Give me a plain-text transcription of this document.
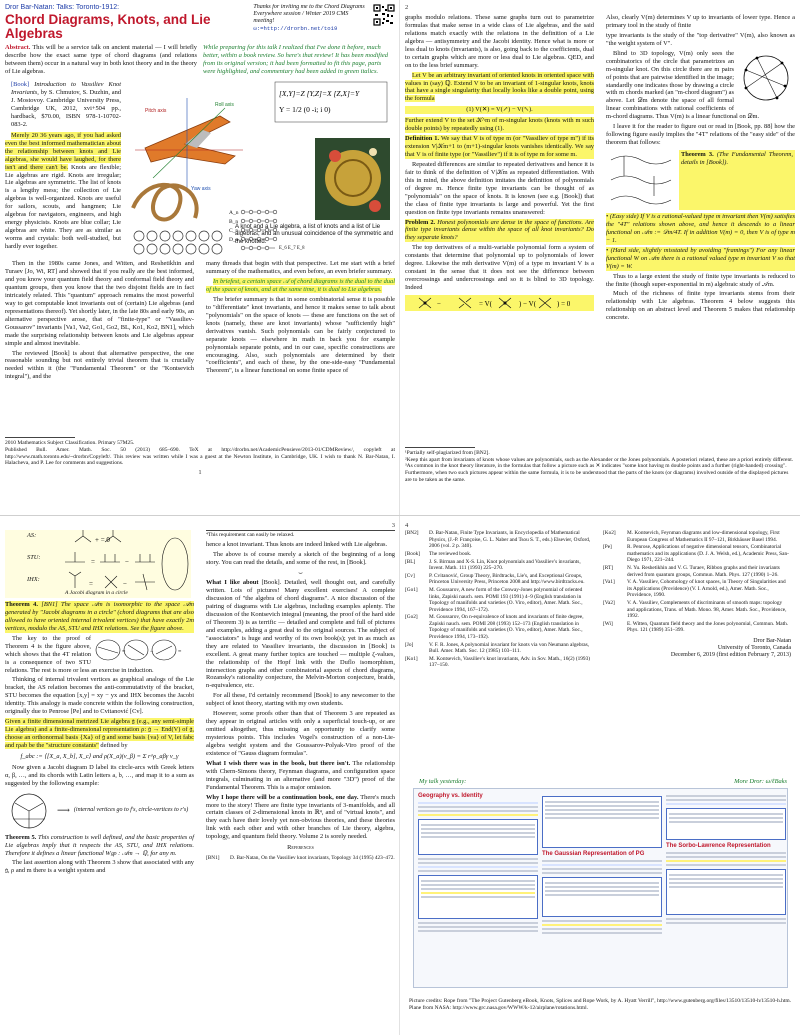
Dror Bar-Natan: Talks: Toronto-1912:
Chord Diagrams, Knots, and Lie Algebras
Thanks for inviting me to the Chord Diagrams Everywhere session / Winter 2019 CMS meeting!
ω:=http://drorbn.net/to19
Abstract. This will be a service talk on ancient material — I will briefly describe how the exact same type of chord diagrams (and relations between them) occur in a natural way in both knot theory and in the theory of Lie algebras.
While preparing for this talk I realized that I've done it before, much better, within a book review. So here's that review! It has been modified from its original version; it had been formatted to fit this page, parts were highlighted, and commentary had been added in green italics.

[Book] Introduction to Vassiliev Knot Invariants, by S. Chmutov, S. Duzhin, and J. Mostovoy. Cambridge University Press, Cambridge UK, 2012, xvi+504 pp., hardback, $70.00, ISBN 978-1-10702-083-2.

Merely 20 36 years ago, if you had asked even the best informed mathematician about the relationship between knots and Lie algebras, she would have laughed, for there isn't and there can't be. Knots are flexible; Lie algebras are rigid. Knots are irregular; Lie algebras are symmetric. The list of knots is a lengthy mess; the collection of Lie algebras is well-organized. Knots are useful for sailors, scouts, and hangmen; Lie algebras for navigators, engineers, and high energy physicists. Knots are blue collar; Lie algebras are white. They are as similar as worms and crystals: both well-studied, but hardly ever together.

Pitch axis
Roll axis
Yaw axis
A_n
B_n
C_n
D_n
E_6 E_7 E_8
[X,Y]=Z [Y,Z]=X [Z,X]=Y
Y = 1/2 (0 -i; i 0)
A knot and a Lie algebra, a list of knots and a list of Lie algebras, and an unusual coincidence of the symmetric and the knotted.

Then in the 1980s came Jones, and Witten, and Reshetikhin and Turaev [Jo, Wi, RT] and showed that if you really are the best informed, and you know your quantum field theory and conformal field theory and quantum groups, then you know that the two disjoint fields are in fact intricately related. This "quantum" approach remains the most powerful way to get computable knot invariants out of (certain) Lie algebras (and representations thereof). Yet shortly later, in the late 80s and early 90s, an alternative perspective arose, that of "finite-type" or "Vassiliev-Goussarov" invariants [Va1, Va2, Go1, Go2, BL, Ko1, Ko2, BN1], which made the surprising relationship between knots and Lie algebras appear simple and almost inevitable.

The reviewed [Book] is about that alternative perspective, the one reasonable sounding but not entirely trivial theorem that is crucially needed within it (the "Fundamental Theorem" or the "Kontsevich integral"), and the

many threads that begin with that perspective. Let me start with a brief summary of the mathematics, and even before, an even briefer summary.

In briefest, a certain space 𝒜 of chord diagrams is the dual to the dual of the space of knots, and at the same time, it is dual to Lie algebras.

The briefer summary is that in some combinatorial sense it is possible to "differentiate" knot invariants, and hence it makes sense to talk about "polynomials" on the space of knots — these are functions on the set of knots (namely, these are knot invariants) whose "sufficiently high" derivatives vanish. Such polynomials can be fairly conjectured to separate knots — elsewhere in math in back you for example polynomials separate points, and in our case, specific constructions are encouraging. Also, such polynomials are determined by their "coefficients", and each of these, by the one-side-easy "Fundamental Theorem", is a linear functional on some finite space of

2010 Mathematics Subject Classification. Primary 57M25.
Published Bull. Amer. Math. Soc. 50 (2013) 685–690. TeX at http://drorbn.net/AcademicPensieve/2013-01/CDMReview/, copyleft at http://www.math.toronto.edu/~drorbn/Copyleft/. This review was written while I was a guest at the Newton Institute, in Cambridge, UK. I wish to thank N. Bar-Natan, I. Halacheva, and P. Lee for comments and suggestions.
1
2

graphs modulo relations. These same graphs turn out to parametrize formulas that make sense in a wide class of Lie algebras, and the said relations match exactly with the relations in the definition of a Lie algebra — antisymmetry and the Jacobi identity. Hence what is more or less dual to knots (invariants), is also, going back to the coefficients, dual to certain graphs which are more or less dual to Lie algebras. QED, and on to the less brief summary.

Let V be an arbitrary invariant of oriented knots in oriented space with values in (say) ℚ. Extend V to be an invariant of 1-singular knots, knots that have a single singularity that locally looks like a double point, using the formula

(1) V(✕) = V(↗) − V(↖).

Further extend V to the set 𝒦^m of m-singular knots (knots with m such double points) by repeatedly using (1).

Definition 1. We say that V is of type m (or "Vassiliev of type m") if its extension V|𝒦m+1 to (m+1)-singular knots vanishes identically. We say that V is of finite type (or "Vassiliev") if it is of type m for some m.

Repeated differences are similar to repeated derivatives and hence it is fair to think of the definition of V|𝒦m as repeated differentiation. With this in mind, the above definition imitates the definition of polynomials of degree m. Hence finite type invariants can be thought of as "polynomials" on the space of knots. It is known (see e.g. [Book]) that the class of finite type invariants is large and powerful. Yet the first question on finite type invariants remains unanswered:

Problem 2. Honest polynomials are dense in the space of functions. Are finite type invariants dense within the space of all knot invariants? Do they separate knots?

The top derivatives of a multi-variable polynomial form a system of constants that determine that polynomial up to polynomials of lower degree. Likewise the mth derivative V(m) of a type m invariant V is a constant in the sense that it does not see the difference between overcrossings and undercrossings and so it is blind to 3D topology. Indeed

−	= V(	) − V(	) = 0

Also, clearly V(m) determines V up to invariants of lower type. Hence a primary tool in the study of finite

type invariants is the study of the "top derivative" V(m), also known as "the weight system of V".

Blind to 3D topology, V(m) only sees the combinatorics of the circle that parametrizes an m-singular knot. On this circle there are m pairs of points that are pairwise identified in the image; standardly one indicates those by drawing a circle with m chords marked (an "m-chord diagram") as above. Let 𝒟m denote the space of all formal linear combinations with rational coefficients of m-chord diagrams. Thus V(m) is a linear functional on 𝒟m.

I leave it for the reader to figure out or read in [Book, pp. 88] how the following figure easily implies the "4T" relations of the "easy side" of the theorem that follows:

Theorem 3. (The Fundamental Theorem, details in [Book]).

• (Easy side) If V is a rational-valued type m invariant then V(m) satisfies the "4T" relations shown above, and hence it descends to a linear functional on 𝒜m := 𝒟m/4T. If in addition V(m) = 0, then V is of type m − 1.

• (Hard side, slightly misstated by avoiding "framings") For any linear functional W on 𝒜m there is a rational valued type m invariant V so that V(m) = W.

Thus to a large extent the study of finite type invariants is reduced to the finite (though super-exponential in m) algebraic study of 𝒜m.

Much of the richness of finite type invariants stems from their relationship with Lie algebras. Theorem 4 below suggests this relationship on an abstract level and Theorem 5 makes that relationship concrete.

¹Partially self-plagiarized from [BN2].
²Keep this apart from invariants of knots whose values are polynomials, such as the Alexander or the Jones polynomials. A posteriori related, these are a priori entirely different.
³As common in the knot theory literature, in the formulas that follow a picture such as ✕ indicates "some knot having m double points and a further (right-handed) crossing". Furthermore, when two such pictures appear within the same formula, it is to be understood that the parts of the knots (or diagrams) involved outside of the displayed pictures are to be taken as the same.
3
+ = 0
=	−
=	−
AS:
STU:
IHX:
A Jacobi diagram in a circle

Theorem 4. [BN1] The space 𝒜m is isomorphic to the space 𝒜m generated by "Jacobi diagrams in a circle" (chord diagrams that are also allowed to have oriented internal trivalent vertices) that have exactly 2m vertices, modulo the AS, STU and IHX relations. See the figure above.

=	−	=

The key to the proof of Theorem 4 is the figure above, which shows that the 4T relation is a consequence of two STU relations. The rest is more or less an exercise in induction.

Thinking of internal trivalent vertices as graphical analogs of the Lie bracket, the AS relation becomes the anti-commutativity of the bracket, STU becomes the equation [x,y] = xy − yx and IHX becomes the Jacobi identity. This analogy is made concrete within the following construction, originally due to Penrose [Pe] and to Cvitanović [Cv].

Given a finite dimensional metrized Lie algebra 𝔤 (e.g., any semi-simple Lie algebra) and a finite-dimensional representation ρ: 𝔤 → End(V) of 𝔤, choose an orthonormal basis {Xa} of 𝔤 and some basis {va} of V, let fabc and rρab be the "structure constants" defined by

f_abc := ⟨[X_a, X_b], X_c⟩ and ρ(X_a)(v_β) = Σ r^ρ_aβγ v_γ

Now given a Jacobi diagram D label its circle-arcs with Greek letters α, β, …, and its chords with Latin letters a, b, …, and map it to a sum as suggested by the following example:

⟶ (internal vertices go to f's, circle-vertices to r's)

Theorem 5. This construction is well defined, and the basic properties of Lie algebras imply that it respects the AS, STU, and IHX relations. Therefore it defines a linear functional W𝔤ρ : 𝒜m → ℚ, for any m.

The last assertion along with Theorem 3 show that associated with any 𝔤, ρ and m there is a weight system and

⁴This requirement can easily be relaxed.

hence a knot invariant. Thus knots are indeed linked with Lie algebras.

The above is of course merely a sketch of the beginning of a long story. You can read the details, and some of the rest, in [Book].

⌣

What I like about [Book]. Detailed, well thought out, and carefully written. Lots of pictures! Many excellent exercises! A complete discussion of "the algebra of chord diagrams". A nice discussion of the pairing of diagrams with Lie algebras, including examples aplenty. The discussion of the Kontsevich integral (meaning, the proof of the hard side of Theorem 3) is as terrific — detailed and complete and full of pictures and examples, adding a great deal to the original sources. The subject of "associators" is huge and worthy of its own book(s); yet in as much as they are related to Vassiliev invariants, the discussion in [Book] is excellent. A great many further topics are touched — multiple ζ-values, the relationship of the Hopf link with the Duflo isomorphism, intersection graphs and other combinatorial aspects of chord diagrams, Rozansky's rationality conjecture, the Melvin-Morton conjecture, braids, n-equivalence, etc.

For all these, I'd certainly recommend [Book] to any newcomer to the subject of knot theory, starting with my own students.

However, some proofs other than that of Theorem 3 are repeated as they appear in original articles with only a superficial touch-up, or are omitted altogether, thus missing an opportunity to clarify some mysterious points. This includes Vogel's construction of a non-Lie-algebra weight system and the Goussarov-Polyak-Viro proof of the existence of "Gauss diagram formulas".

What I wish there was in the book, but there isn't. The relationship with Chern-Simons theory, Feynman diagrams, and configuration space integrals, culminating in an alternative (and more "3D") proof of the Fundamental Theorem. This is a major omission.

Why I hope there will be a continuation book, one day. There's much more to the story! There are finite type invariants of 3-manifolds, and all certain classes of 2-dimensional knots in ℝ⁴, and of "virtual knots", and they each have their lovely yet non-obvious theories, and these theories link with each other and with other branches of Lie theory, algebra, topology, and quantum field theory. Volume 2 is sorely needed.

References

[BN1]	D. Bar-Natan, On the Vassiliev knot invariants, Topology 34 (1995) 423–472.
4
[BN2]	D. Bar-Natan, Finite Type Invariants, in Encyclopedia of Mathematical Physics, (J.-P. Françoise, G. L. Naber and Tsou S. T., eds.) Elsevier, Oxford, 2006 (vol. 2 p. 340).
[Book]	The reviewed book.
[BL]	J. S. Birman and X-S. Lin, Knot polynomials and Vassiliev's invariants, Invent. Math. 111 (1993) 225–270.
[Cv]	P. Cvitanović, Group Theory, Birdtracks, Lie's, and Exceptional Groups, Princeton University Press, Princeton 2008 and http://www.birdtracks.eu.
[Go1]	M. Goussarov, A new form of the Conway-Jones polynomial of oriented links, Zapiski nauch. sem. POMI 193 (1991) 4–9 (English translation in Topology of manifolds and varieties (O. Viro, editor), Amer. Math. Soc., Providence 1994, 167–172).
[Go2]	M. Goussarov, On n-equivalence of knots and invariants of finite degree, Zapiski nauch. sem. POMI 208 (1993) 152–173 (English translation in Topology of manifolds and varieties (O. Viro, editor), Amer. Math. Soc., Providence 1994, 173–192).
[Jo]	V. F. R. Jones, A polynomial invariant for knots via von Neumann algebras, Bull. Amer. Math. Soc. 12 (1985) 103–111.
[Ko1]	M. Kontsevich, Vassiliev's knot invariants, Adv. in Sov. Math., 16(2) (1993) 137–150.
[Ko2]	M. Kontsevich, Feynman diagrams and low-dimensional topology, First European Congress of Mathematics II 97–121, Birkhäuser Basel 1994.
[Pe]	R. Penrose, Applications of negative dimensional tensors, Combinatorial mathematics and its applications (D. J. A. Welsh, ed.), Academic Press, San-Diego 1971, 221–244.
[RT]	N. Yu. Reshetikhin and V. G. Turaev, Ribbon graphs and their invariants derived from quantum groups, Commun. Math. Phys. 127 (1990) 1–26.
[Va1]	V. A. Vassiliev, Cohomology of knot spaces, in Theory of Singularities and its Applications (Providence) (V. I. Arnold, ed.), Amer. Math. Soc., Providence, 1990.
[Va2]	V. A. Vassiliev, Complements of discriminants of smooth maps: topology and applications, Trans. of Math. Mono. 98, Amer. Math. Soc., Providence, 1992.
[Wi]	E. Witten, Quantum field theory and the Jones polynomial, Commun. Math. Phys. 121 (1989) 351–399.
Dror Bar-Natan
University of Toronto, Canada
December 6, 2019 (first edition February 7, 2013)
My talk yesterday:	More Dror: ω/ℓBaks
Geography vs. Identity
The Gaussian Representation of PG
The Sorbo-Lawrence Representation
Picture credits: Rope from "The Project Gutenberg eBook, Knots, Splices and Rope Work, by A. Hyatt Verrill", http://www.gutenberg.org/files/13510/13510-h/13510-h.htm. Plane from NASA: http://www.grc.nasa.gov/WWW/k-12/airplane/rotations.html.
